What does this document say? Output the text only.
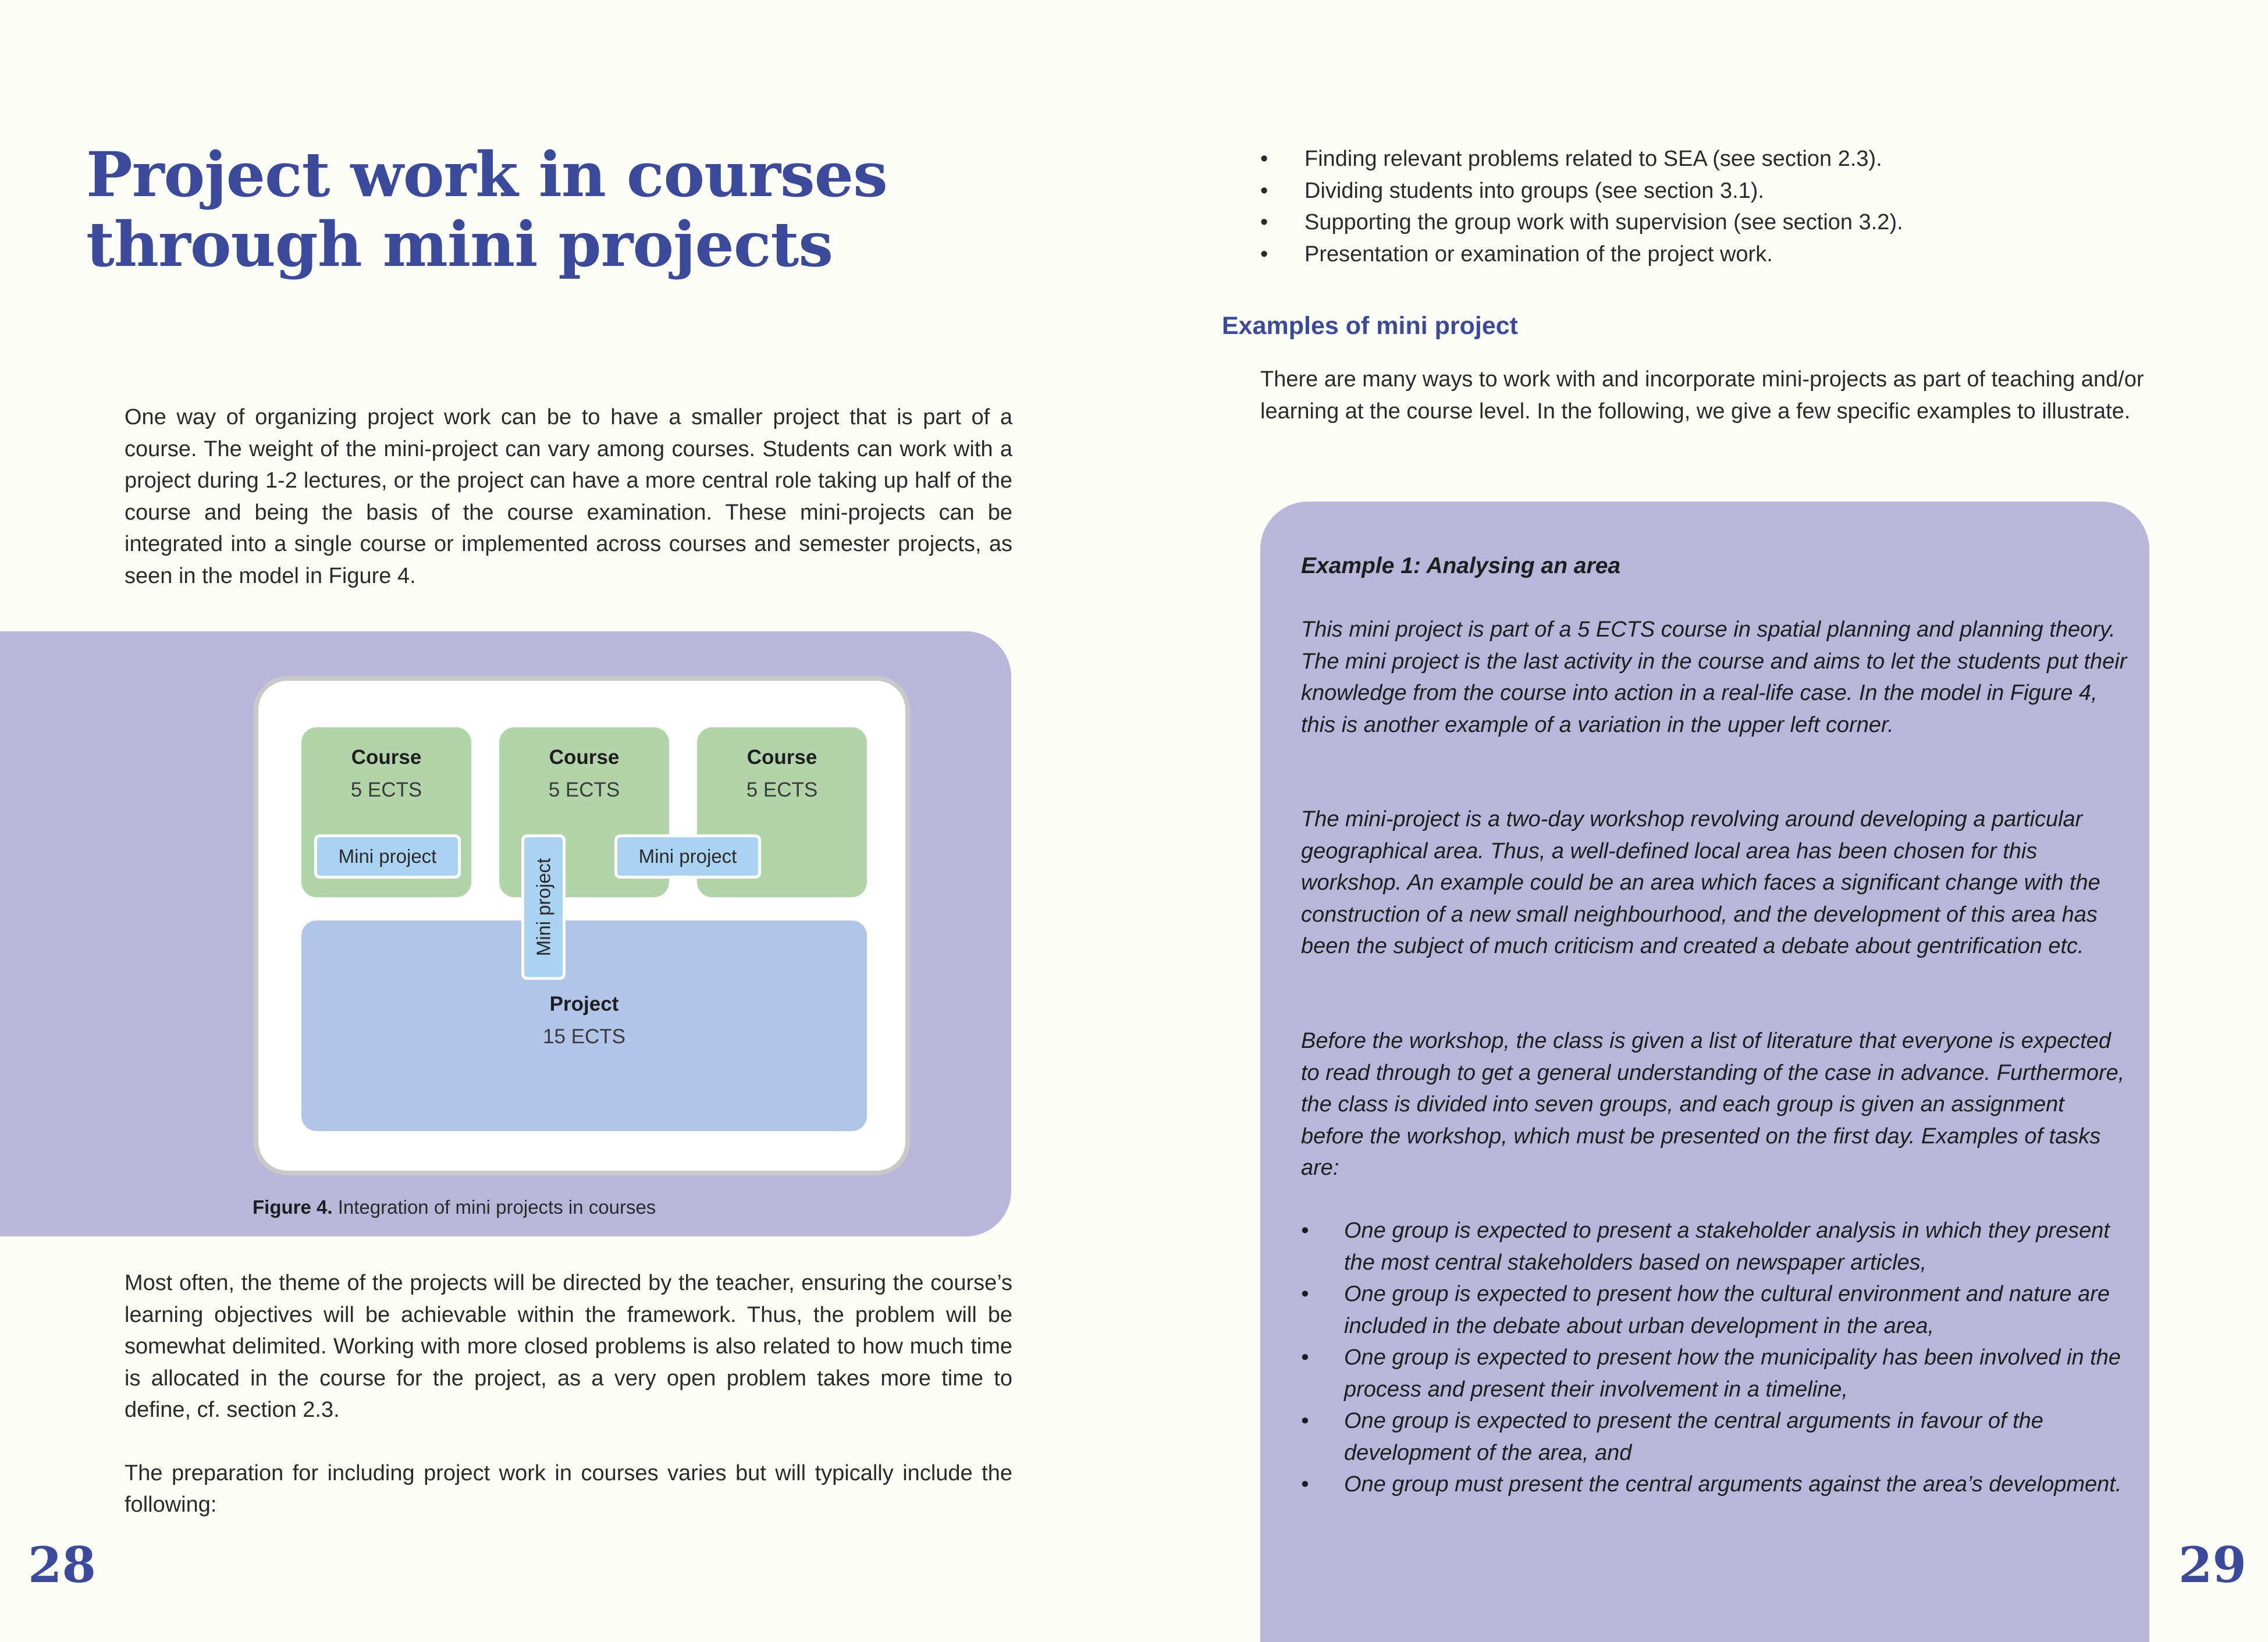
Project work in courses
through mini projects

One way of organizing project work can be to have a smaller project that is part of a course. The weight of the mini-project can vary among courses. Students can work with a project during 1-2 lectures, or the project can have a more central role taking up half of the course and being the basis of the course examination. These mini-projects can be integrated into a single course or implemented across courses and semester projects, as seen in the model in Figure 4.

Course
5 ECTS
Course
5 ECTS
Course
5 ECTS
Project
15 ECTS
Mini project	Mini project
Mini project
Figure 4. Integration of mini projects in courses

Most often, the theme of the projects will be directed by the teacher, ensuring the course’s learning objectives will be achievable within the framework. Thus, the problem will be somewhat delimited. Working with more closed problems is also related to how much time is allocated in the course for the project, as a very open problem takes more time to define, cf. section 2.3.

The preparation for including project work in courses varies but will typically include the following:

28
• Finding relevant problems related to SEA (see section 2.3).
• Dividing students into groups (see section 3.1).
• Supporting the group work with supervision (see section 3.2).
• Presentation or examination of the project work.
Examples of mini project

There are many ways to work with and incorporate mini-projects as part of teaching and/or learning at the course level. In the following, we give a few specific examples to illustrate.

Example 1: Analysing an area

This mini project is part of a 5 ECTS course in spatial planning and planning theory. The mini project is the last activity in the course and aims to let the students put their knowledge from the course into action in a real-life case. In the model in Figure 4, this is another example of a variation in the upper left corner.

The mini-project is a two-day workshop revolving around developing a particular geographical area. Thus, a well-defined local area has been chosen for this workshop. An example could be an area which faces a significant change with the construction of a new small neighbourhood, and the development of this area has been the subject of much criticism and created a debate about gentrification etc.

Before the workshop, the class is given a list of literature that everyone is expected to read through to get a general understanding of the case in advance. Furthermore, the class is divided into seven groups, and each group is given an assignment before the workshop, which must be presented on the first day. Examples of tasks are:

• One group is expected to present a stakeholder analysis in which they present the most central stakeholders based on newspaper articles,
• One group is expected to present how the cultural environment and nature are included in the debate about urban development in the area,
• One group is expected to present how the municipality has been involved in the process and present their involvement in a timeline,
• One group is expected to present the central arguments in favour of the development of the area, and
• One group must present the central arguments against the area’s development.
29
